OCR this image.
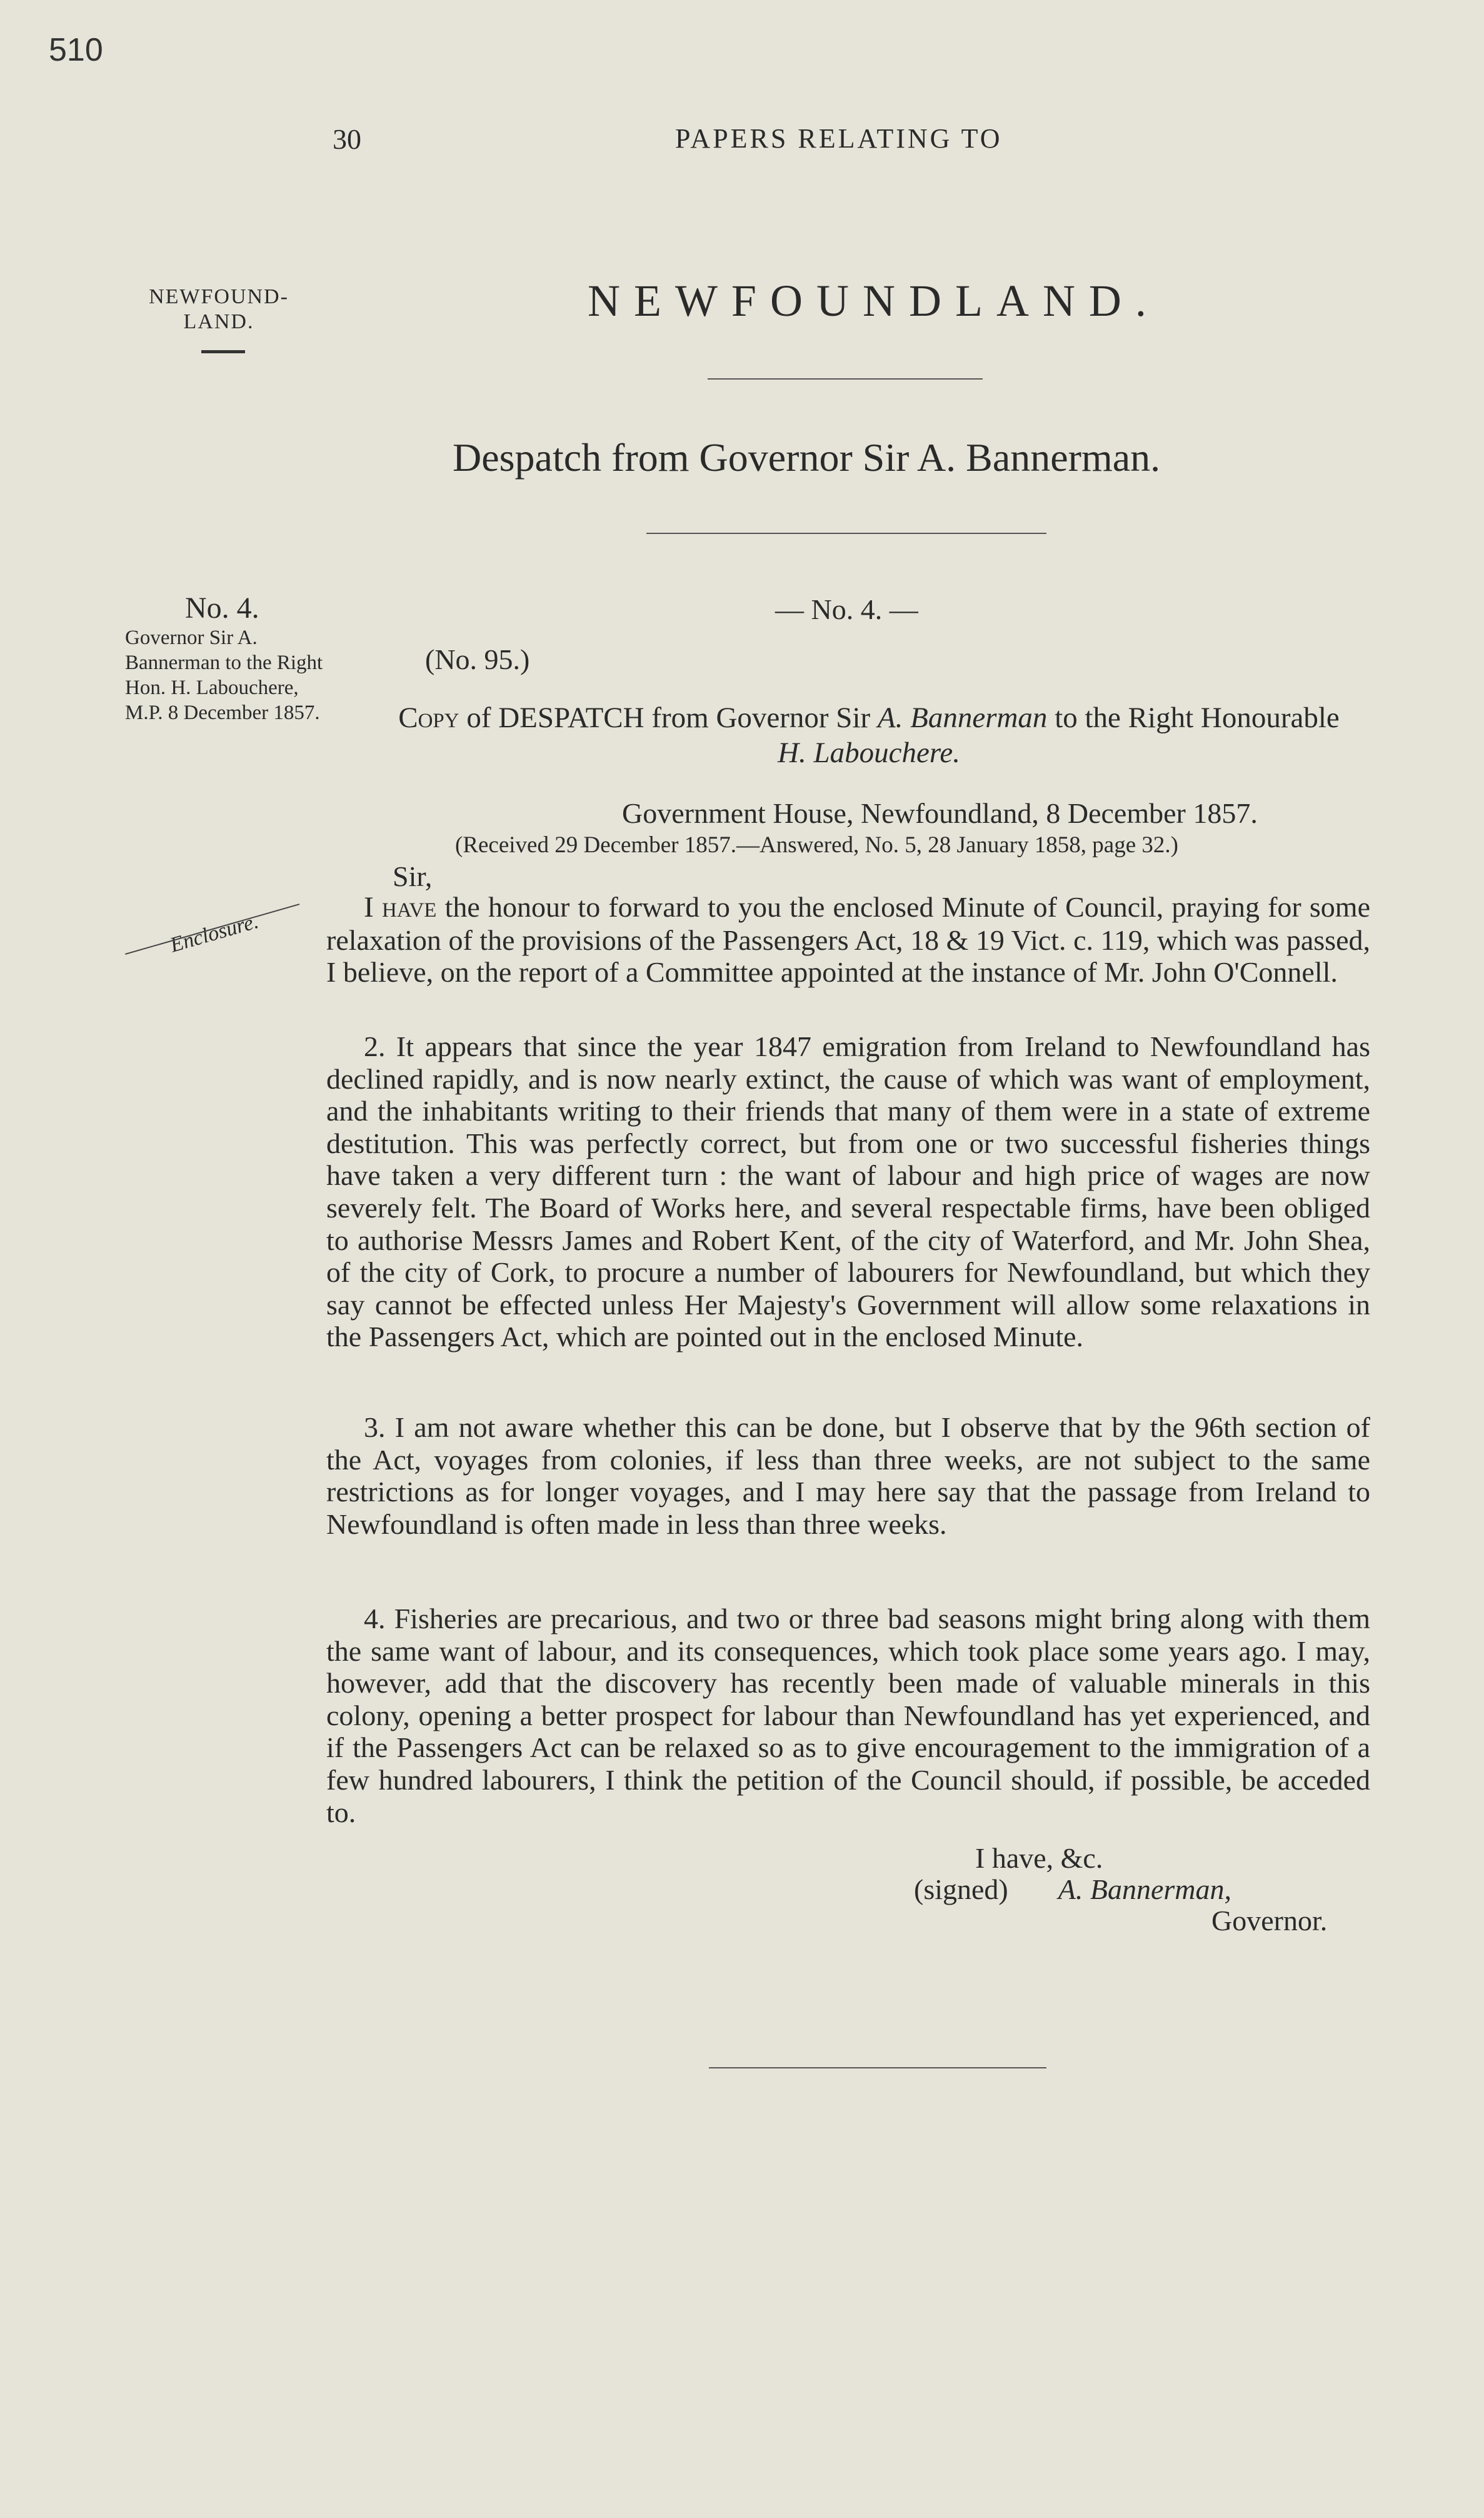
510
30	PAPERS RELATING TO
NEWFOUND-
LAND.	NEWFOUNDLAND.
Despatch from Governor Sir A. Bannerman.
No. 4.
Governor Sir A. Bannerman to the Right Hon. H. Labouchere, M.P. 8 December 1857.
— No. 4. —
(No. 95.)
Copy of DESPATCH from Governor Sir A. Bannerman to the Right Honourable H. Labouchere.
Government House, Newfoundland, 8 December 1857.
(Received 29 December 1857.—Answered, No. 5, 28 January 1858, page 32.)
Sir,
Enclosure.
I have the honour to forward to you the enclosed Minute of Council, praying for some relaxation of the provisions of the Passengers Act, 18 & 19 Vict. c. 119, which was passed, I believe, on the report of a Committee appointed at the instance of Mr. John O'Connell.
2. It appears that since the year 1847 emigration from Ireland to Newfoundland has declined rapidly, and is now nearly extinct, the cause of which was want of employment, and the inhabitants writing to their friends that many of them were in a state of extreme destitution. This was perfectly correct, but from one or two successful fisheries things have taken a very different turn : the want of labour and high price of wages are now severely felt. The Board of Works here, and several respectable firms, have been obliged to authorise Messrs James and Robert Kent, of the city of Waterford, and Mr. John Shea, of the city of Cork, to procure a number of labourers for Newfoundland, but which they say cannot be effected unless Her Majesty's Government will allow some relaxations in the Passengers Act, which are pointed out in the enclosed Minute.
3. I am not aware whether this can be done, but I observe that by the 96th section of the Act, voyages from colonies, if less than three weeks, are not subject to the same restrictions as for longer voyages, and I may here say that the passage from Ireland to Newfoundland is often made in less than three weeks.
4. Fisheries are precarious, and two or three bad seasons might bring along with them the same want of labour, and its consequences, which took place some years ago. I may, however, add that the discovery has recently been made of valuable minerals in this colony, opening a better prospect for labour than Newfoundland has yet experienced, and if the Passengers Act can be relaxed so as to give encouragement to the immigration of a few hundred labourers, I think the petition of the Council should, if possible, be acceded to.
I have, &c.
(signed) A. Bannerman,
Governor.
